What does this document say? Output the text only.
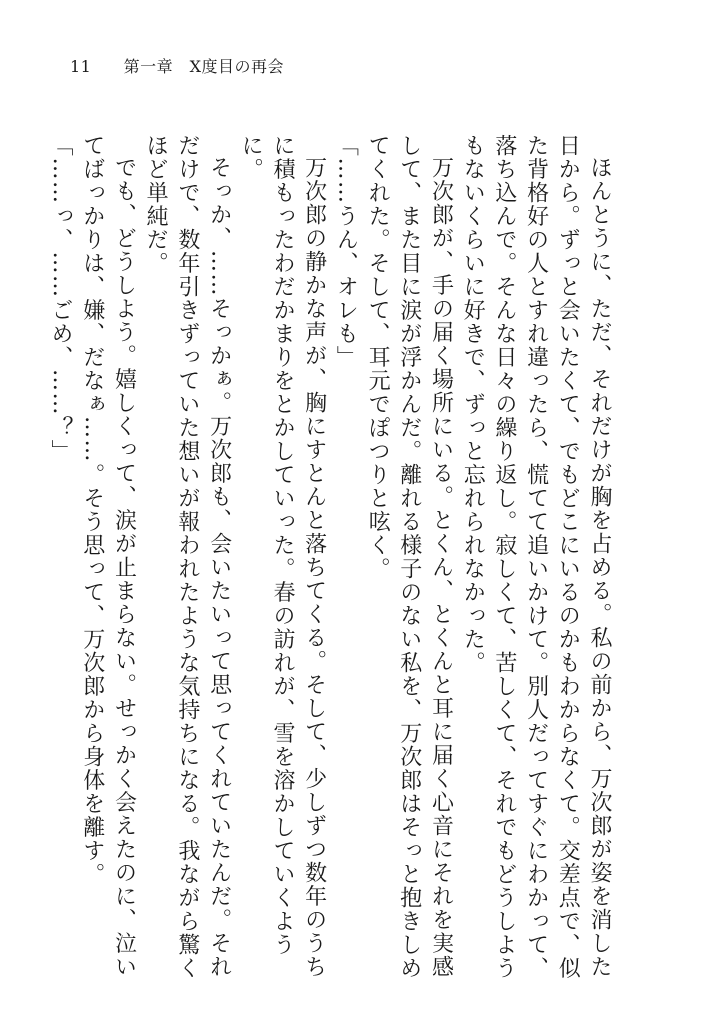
11 第一章　X度目の再会

ほんとうに、ただ、それだけが胸を占める。私の前から、万次郎が姿を消した日から。ずっと会いたくて、でもどこにいるのかもわからなくて。交差点で、似た背格好の人とすれ違ったら、慌てて追いかけて。別人だってすぐにわかって、落ち込んで。そんな日々の繰り返し。寂しくて、苦しくて、それでもどうしようもないくらいに好きで、ずっと忘れられなかった。

万次郎が、手の届く場所にいる。とくん、とくんと耳に届く心音にそれを実感して、また目に涙が浮かんだ。離れる様子のない私を、万次郎はそっと抱きしめてくれた。そして、耳元でぽつりと呟く。

「……うん、オレも」

万次郎の静かな声が、胸にすとんと落ちてくる。そして、少しずつ数年のうちに積もったわだかまりをとかしていった。春の訪れが、雪を溶かしていくように。

そっか、……そっかぁ。万次郎も、会いたいって思ってくれていたんだ。それだけで、数年引きずっていた想いが報われたような気持ちになる。我ながら驚くほど単純だ。

でも、どうしよう。嬉しくって、涙が止まらない。せっかく会えたのに、泣いてばっかりは、嫌、だなぁ……。そう思って、万次郎から身体を離す。

「……っ、……ごめ、……？」
